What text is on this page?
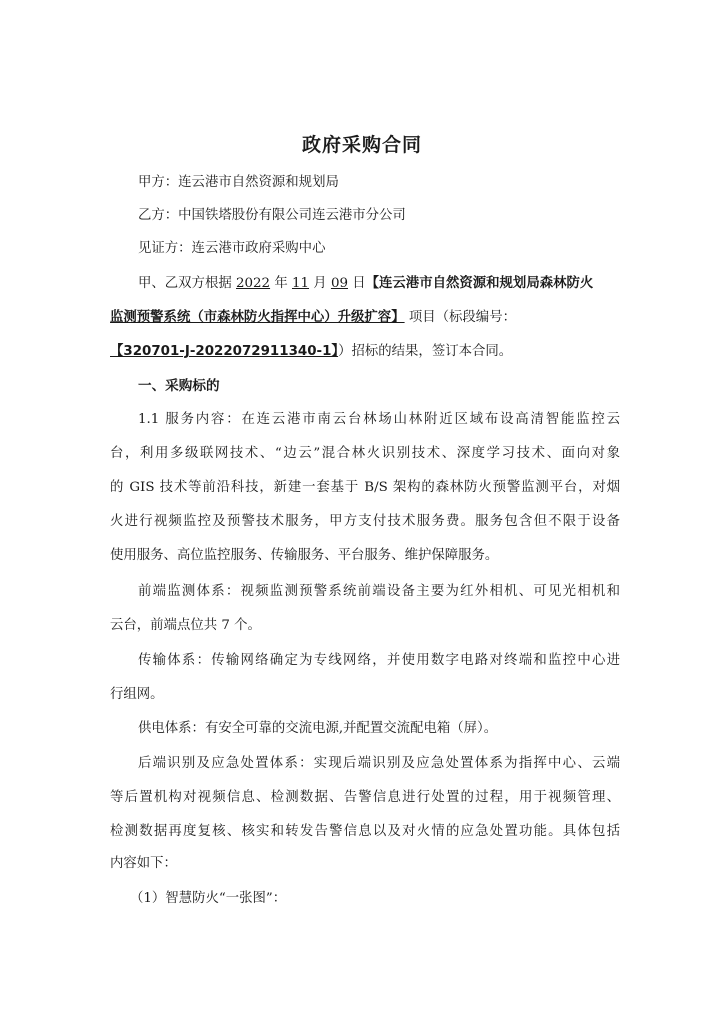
政府采购合同

甲方：连云港市自然资源和规划局

乙方：中国铁塔股份有限公司连云港市分公司

见证方：连云港市政府采购中心

甲、乙双方根据 2022 年 11 月 09 日【连云港市自然资源和规划局森林防火

监测预警系统（市森林防火指挥中心）升级扩容】 项目（标段编号：

【320701-J-2022072911340-1】）招标的结果，签订本合同。

一、采购标的

1.1 服务内容：在连云港市南云台林场山林附近区域布设高清智能监控云

台，利用多级联网技术、“边云”混合林火识别技术、深度学习技术、面向对象

的 GIS 技术等前沿科技，新建一套基于 B/S 架构的森林防火预警监测平台，对烟

火进行视频监控及预警技术服务，甲方支付技术服务费。服务包含但不限于设备

使用服务、高位监控服务、传输服务、平台服务、维护保障服务。

前端监测体系：视频监测预警系统前端设备主要为红外相机、可见光相机和

云台，前端点位共 7 个。

传输体系：传输网络确定为专线网络，并使用数字电路对终端和监控中心进

行组网。

供电体系：有安全可靠的交流电源,并配置交流配电箱（屏）。

后端识别及应急处置体系：实现后端识别及应急处置体系为指挥中心、云端

等后置机构对视频信息、检测数据、告警信息进行处置的过程，用于视频管理、

检测数据再度复核、核实和转发告警信息以及对火情的应急处置功能。具体包括

内容如下：

（1）智慧防火“一张图”：
